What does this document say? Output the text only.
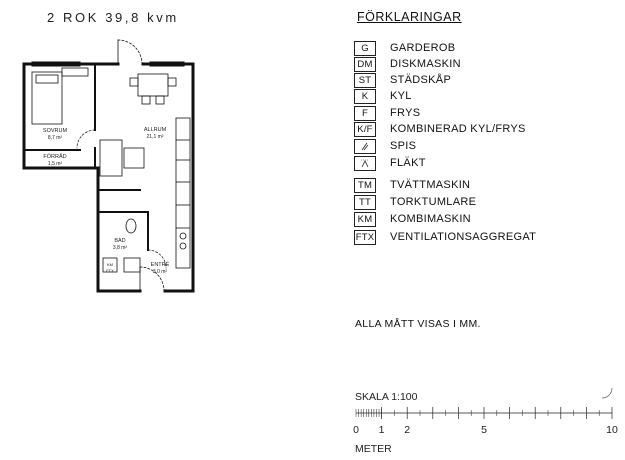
2 ROK 39,8 kvm
SOVRUM
8,7 m²
FÖRRÅD
1,5 m²
ALLRUM
21,1 m²
BAD
3,8 m²
ENTRÉ
3,0 m²
KM
FTX
FÖRKLARINGAR
G	GARDEROB
DM	DISKMASKIN
ST	STÄDSKÅP
K	KYL
F	FRYS
K/F	KOMBINERAD KYL/FRYS
SPIS
FLÄKT
TM	TVÄTTMASKIN
TT	TORKTUMLARE
KM	KOMBIMASKIN
FTX VENTILATIONSAGGREGAT
ALLA MÅTT VISAS I MM.
SKALA 1:100
0 1 2	5	10
METER
